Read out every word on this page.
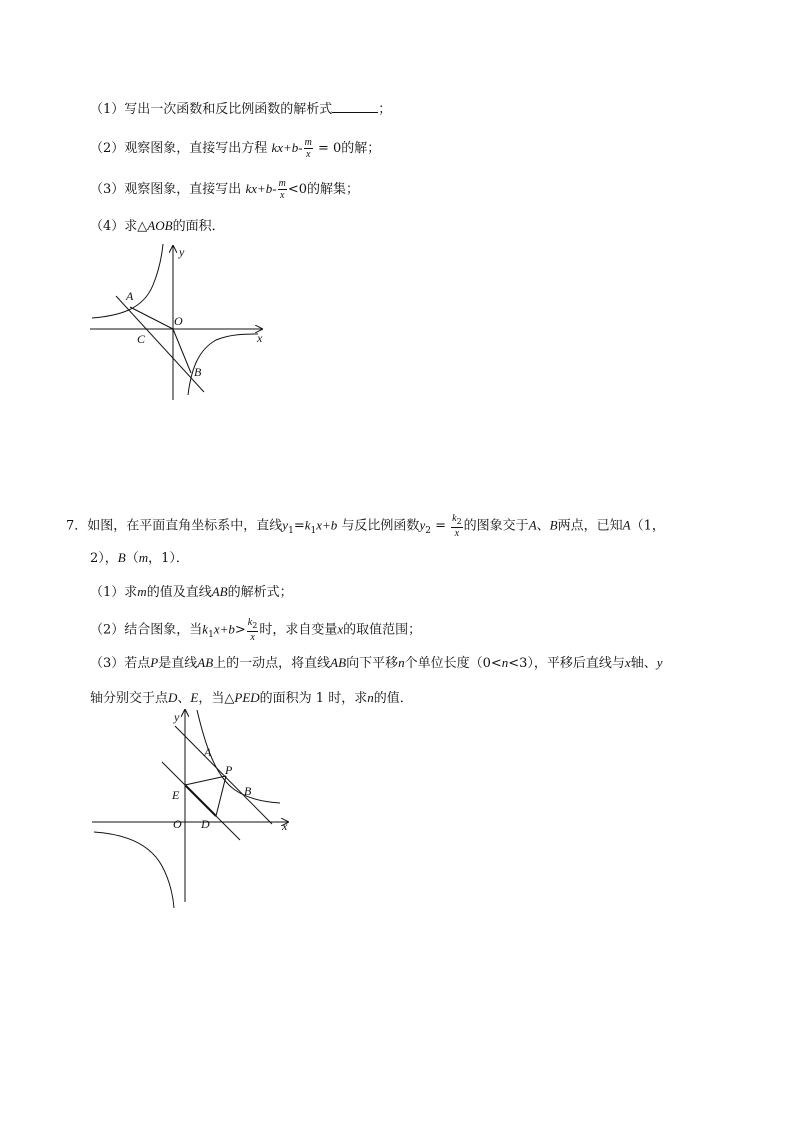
（1）写出一次函数和反比例函数的解析式	；
（2）观察图象，直接写出方程 $kx+b- \frac{m}{x} = 0$的解；
（3）观察图象，直接写出 $kx+b- \frac{m}{x} <0$的解集；
（4）求△AOB的面积．
y
A
O
C	x
B
7．如图，在平面直角坐标系中，直线$y_1=k_1x+b$ 与反比例函数$y_2 = \frac{k_2}{x}$ 的图象交于A、B两点，已知A（1，
2），B（m，1）．
（1）求m的值及直线AB的解析式；
（2）结合图象，当$k_1x+b> \frac{k_2}{x}$ 时，求自变量x的取值范围；
（3）若点P是直线AB上的一动点，将直线AB向下平移n个单位长度（0<n<3），平移后直线与x轴、y
轴分别交于点D、E，当△PED的面积为 1 时，求n的值．
y
A
P
B
E
O D	x
